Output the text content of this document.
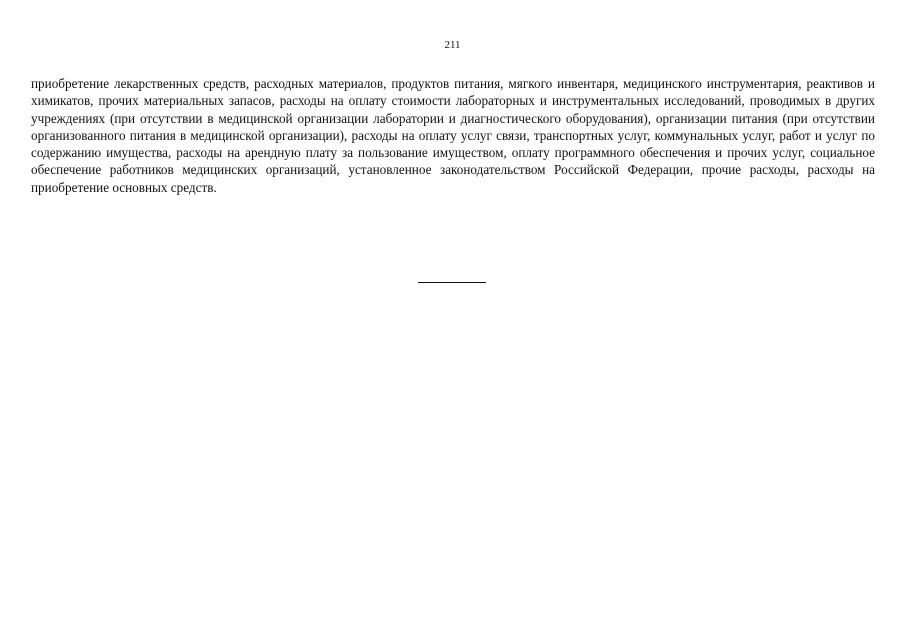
211

приобретение лекарственных средств, расходных материалов, продуктов питания, мягкого инвентаря, медицинского инструментария, реактивов и химикатов, прочих материальных запасов, расходы на оплату стоимости лабораторных и инструментальных исследований, проводимых в других учреждениях (при отсутствии в медицинской организации лаборатории и диагностического оборудования), организации питания (при отсутствии организованного питания в медицинской организации), расходы на оплату услуг связи, транспортных услуг, коммунальных услуг, работ и услуг по содержанию имущества, расходы на арендную плату за пользование имуществом, оплату программного обеспечения и прочих услуг, социальное обеспечение работников медицинских организаций, установленное законодательством Российской Федерации, прочие расходы, расходы на приобретение основных средств.
